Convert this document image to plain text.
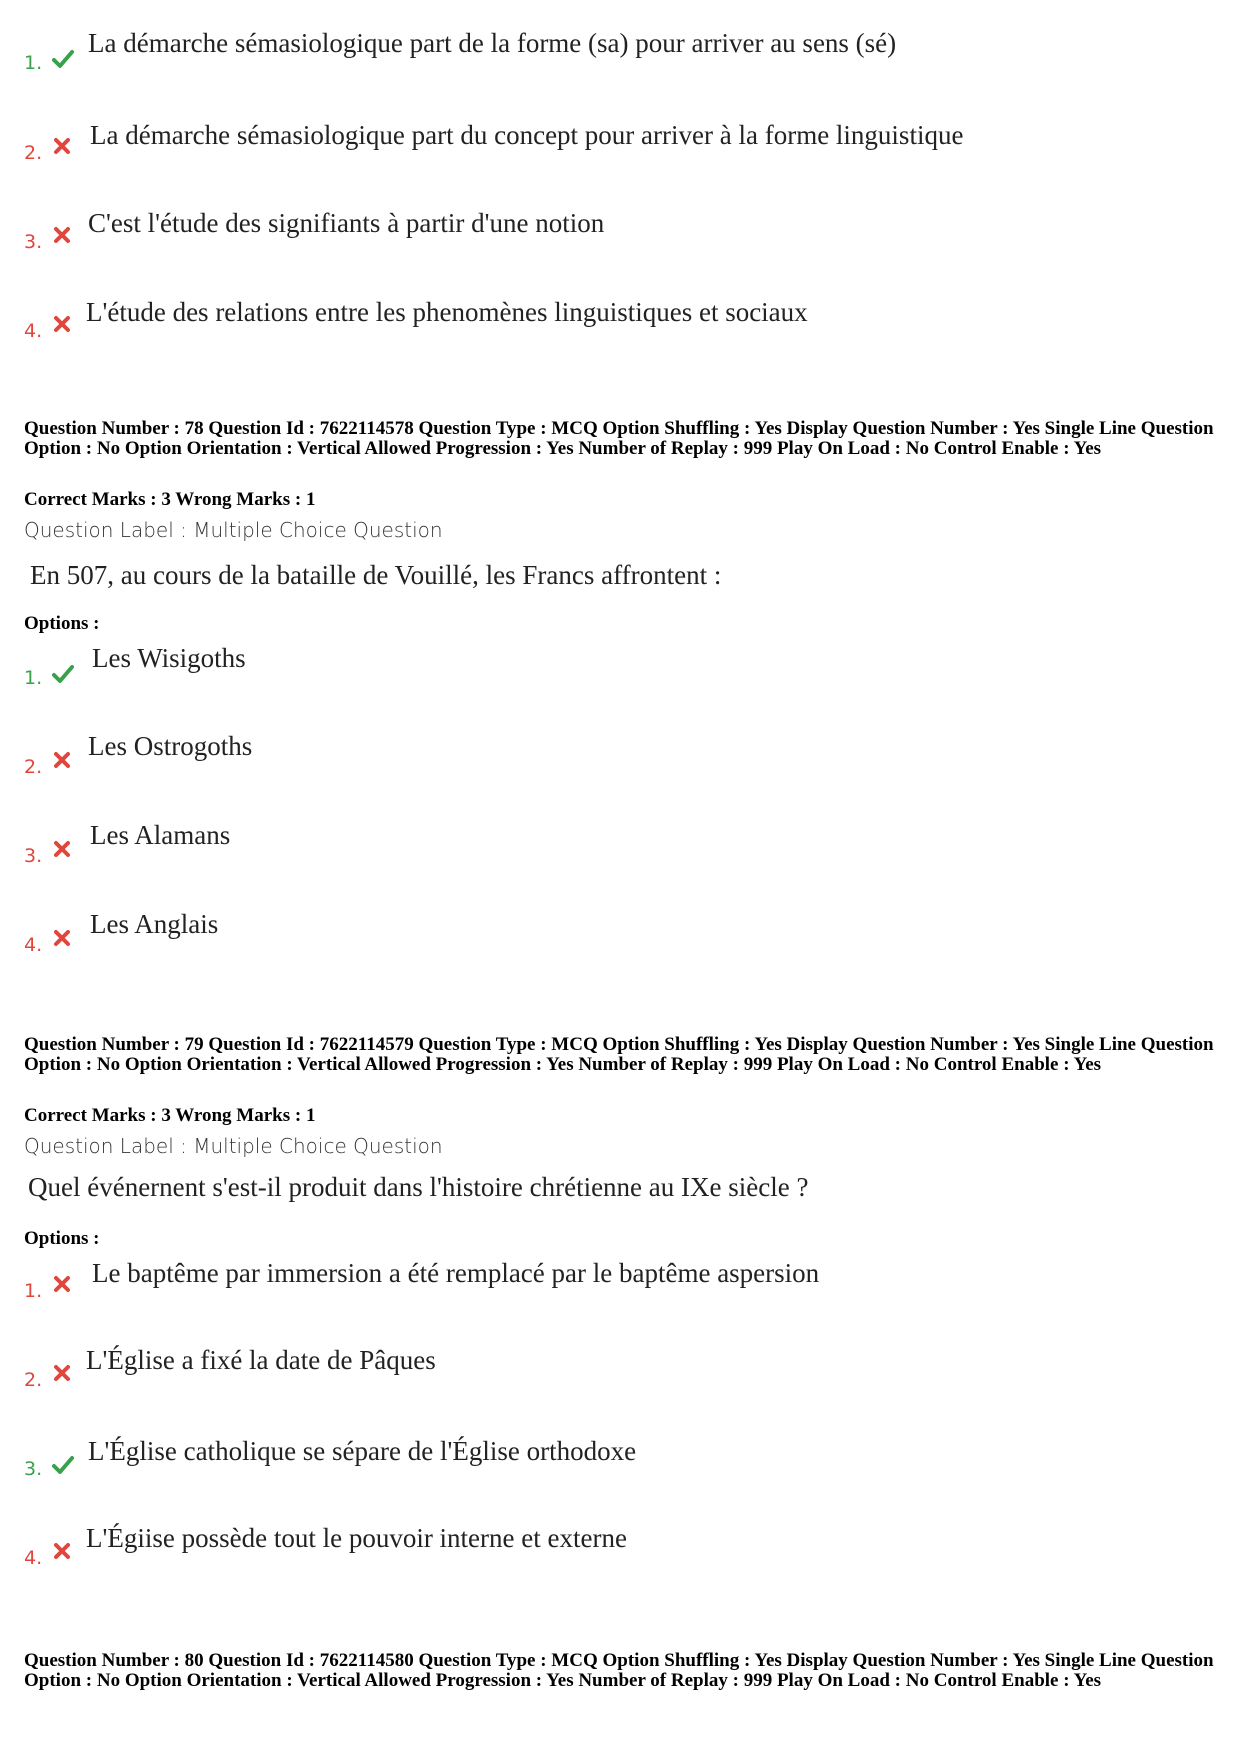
1.
La démarche sémasiologique part de la forme (sa) pour arriver au sens (sé)
2.
La démarche sémasiologique part du concept pour arriver à la forme linguistique
3.
C'est l'étude des signifiants à partir d'une notion
4.
L'étude des relations entre les phenomènes linguistiques et sociaux
Question Number : 78 Question Id : 7622114578 Question Type : MCQ Option Shuffling : Yes Display Question Number : Yes Single Line Question Option : No Option Orientation : Vertical Allowed Progression : Yes Number of Replay : 999 Play On Load : No Control Enable : Yes
Correct Marks : 3 Wrong Marks : 1
Question Label : Multiple Choice Question
En 507, au cours de la bataille de Vouillé, les Francs affrontent :
Options :
1.
Les Wisigoths
2.
Les Ostrogoths
3.
Les Alamans
4.
Les Anglais
Question Number : 79 Question Id : 7622114579 Question Type : MCQ Option Shuffling : Yes Display Question Number : Yes Single Line Question Option : No Option Orientation : Vertical Allowed Progression : Yes Number of Replay : 999 Play On Load : No Control Enable : Yes
Correct Marks : 3 Wrong Marks : 1
Question Label : Multiple Choice Question
Quel événernent s'est-il produit dans l'histoire chrétienne au IXe siècle ?
Options :
1.
Le baptême par immersion a été remplacé par le baptême aspersion
2.
L'Église a fixé la date de Pâques
3.
L'Église catholique se sépare de l'Église orthodoxe
4.
L'Égiise possède tout le pouvoir interne et externe
Question Number : 80 Question Id : 7622114580 Question Type : MCQ Option Shuffling : Yes Display Question Number : Yes Single Line Question Option : No Option Orientation : Vertical Allowed Progression : Yes Number of Replay : 999 Play On Load : No Control Enable : Yes
